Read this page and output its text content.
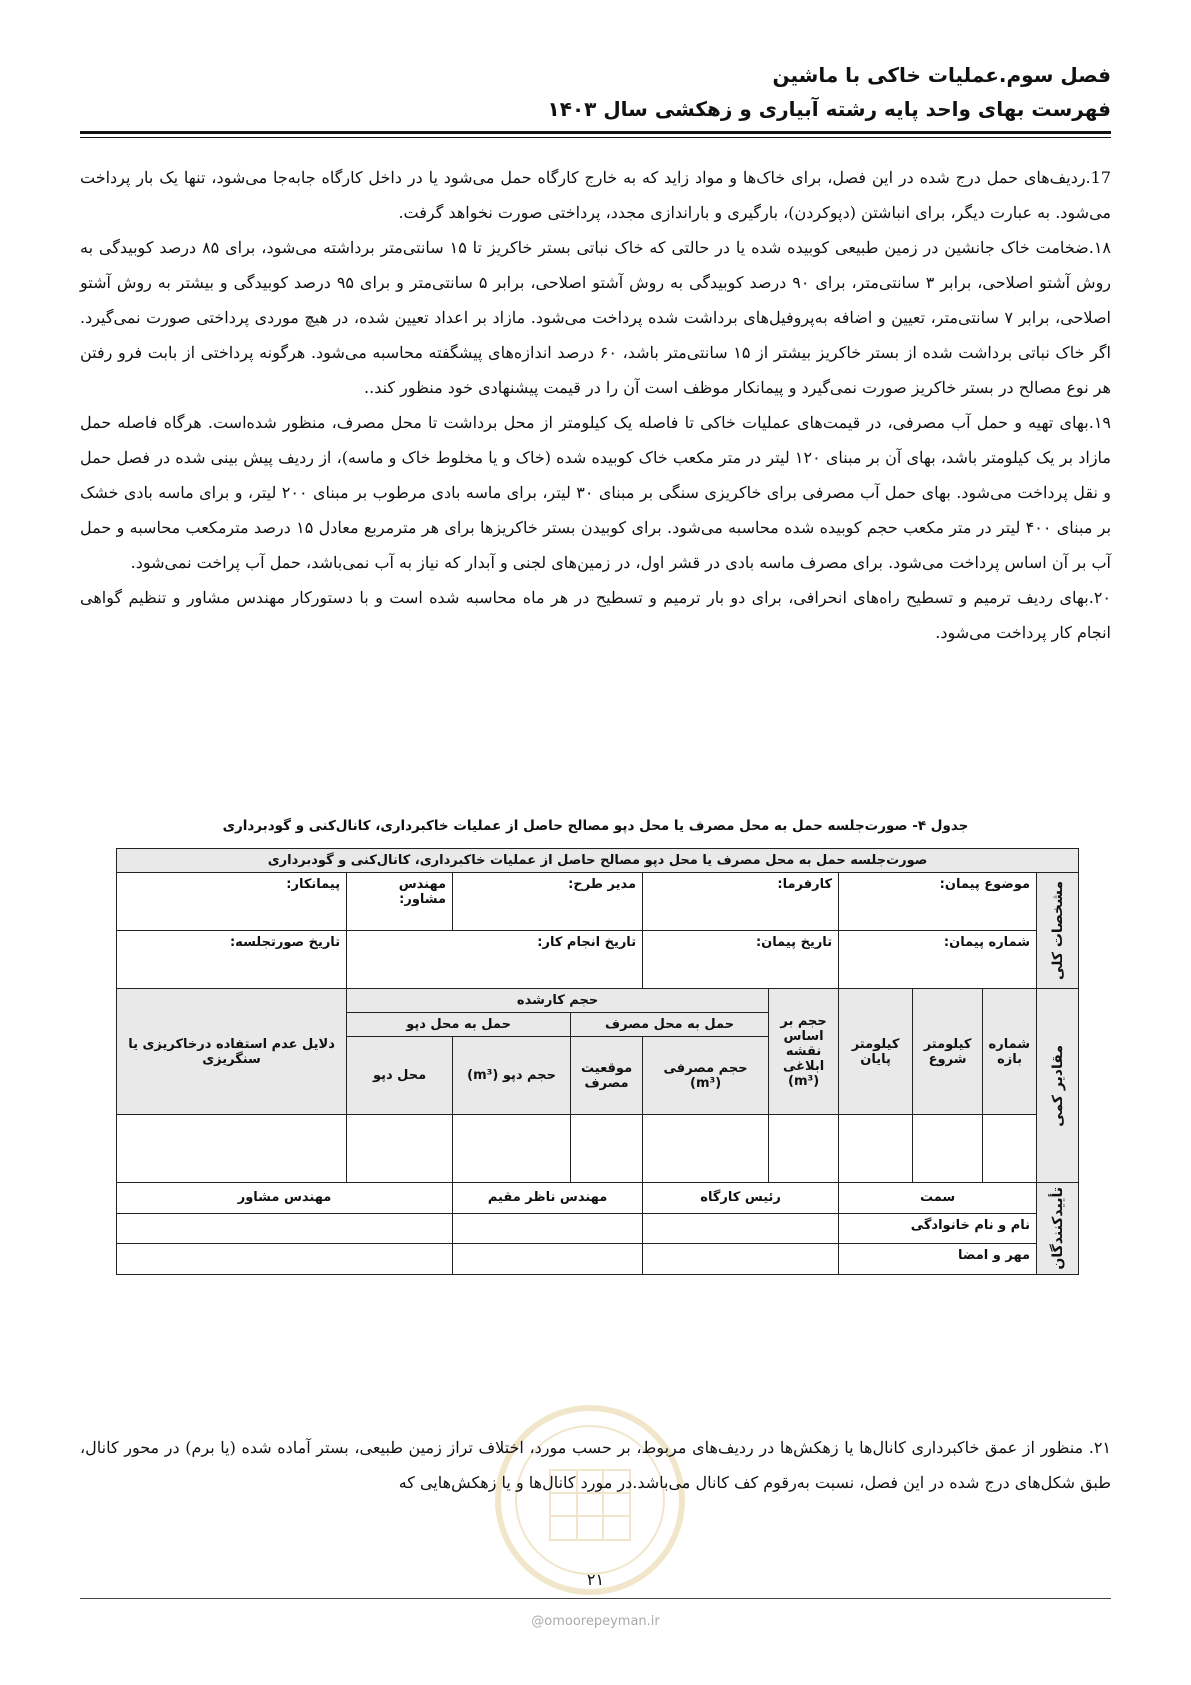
فصل سوم.عملیات خاکی با ماشین
فهرست بهای واحد پایه رشته آبیاری و زهکشی سال ۱۴۰۳

17.ردیف‌های حمل درج شده در این فصل، برای خاک‌ها و مواد زاید که به خارج کارگاه حمل می‌شود یا در داخل کارگاه جابه‌جا می‌شود، تنها یک بار پرداخت می‌شود. به عبارت دیگر، برای انباشتن (دپوکردن)، بارگیری و باراندازی مجدد، پرداختی صورت نخواهد گرفت.

۱۸.ضخامت خاک جانشین در زمین طبیعی کوبیده شده یا در حالتی که خاک نباتی بستر خاکریز تا ۱۵ سانتی‌متر برداشته می‌شود، برای ۸۵ درصد کوبیدگی به روش آشتو اصلاحی، برابر ۳ سانتی‌متر، برای ۹۰ درصد کوبیدگی به روش آشتو اصلاحی، برابر ۵ سانتی‌متر و برای ۹۵ درصد کوبیدگی و بیشتر به روش آشتو اصلاحی، برابر ۷ سانتی‌متر، تعیین و اضافه به‌پروفیل‌های برداشت شده پرداخت می‌شود. مازاد بر اعداد تعیین شده، در هیچ موردی پرداختی صورت نمی‌گیرد. اگر خاک نباتی برداشت شده از بستر خاکریز بیشتر از ۱۵ سانتی‌متر باشد، ۶۰ درصد اندازه‌های پیشگفته محاسبه می‌شود. هرگونه پرداختی از بابت فرو رفتن هر نوع مصالح در بستر خاکریز صورت نمی‌گیرد و پیمانکار موظف است آن را در قیمت پیشنهادی خود منظور کند..

۱۹.بهای تهیه و حمل آب مصرفی، در قیمت‌های عملیات خاکی تا فاصله یک کیلومتر از محل برداشت تا محل مصرف، منظور شده‌است. هرگاه فاصله حمل مازاد بر یک کیلومتر باشد، بهای آن بر مبنای ۱۲۰ لیتر در متر مکعب خاک کوبیده شده (خاک و یا مخلوط خاک و ماسه)، از ردیف پیش بینی شده در فصل حمل و نقل پرداخت می‌شود. بهای حمل آب مصرفی برای خاکریزی سنگی بر مبنای ۳۰ لیتر، برای ماسه بادی مرطوب بر مبنای ۲۰۰ لیتر، و برای ماسه بادی خشک بر مبنای ۴۰۰ لیتر در متر مکعب حجم کوبیده شده محاسبه می‌شود. برای کوبیدن بستر خاکریزها برای هر مترمربع معادل ۱۵ درصد مترمکعب محاسبه و حمل آب بر آن اساس پرداخت می‌شود. برای مصرف ماسه بادی در قشر اول، در زمین‌های لجنی و آبدار که نیاز به آب نمی‌باشد، حمل آب پراخت نمی‌شود.

۲۰.بهای ردیف ترمیم و تسطیح راه‌های انحرافی، برای دو بار ترمیم و تسطیح در هر ماه محاسبه شده است و با دستورکار مهندس مشاور و تنظیم گواهی انجام کار پرداخت می‌شود.

جدول ۴- صورت‌جلسه حمل به محل مصرف یا محل دپو مصالح حاصل از عملیات خاکبرداری، کانال‌کنی و گودبرداری
صورت‌جلسه حمل به محل مصرف یا محل دپو مصالح حاصل از عملیات خاکبرداری، کانال‌کنی و گودبرداری									

مشخصات کلی	موضوع پیمان:			کارفرما:		مدیر طرح:		مهندس مشاور:	پیمانکار:

	شماره پیمان:			تاریخ پیمان:		تاریخ انجام کار:			تاریخ صورتجلسه:

مقادیر کمی	شماره بازه	کیلومتر شروع	کیلومتر پایان	حجم بر اساس نقشه ابلاغی (m³)	حجم کارشده				دلایل عدم استفاده درخاکریزی یا سنگریزی
					حمل به محل مصرف		حمل به محل دپو		
					حجم مصرفی (m³)	موقعیت مصرف	حجم دپو (m³)	محل دپو	

تأییدکنندگان	سمت			رئیس کارگاه		مهندس ناظر مقیم		مهندس مشاور	

	نام و نام خانوادگی								

	مهر و امضا								

۲۱. منظور از عمق خاکبرداری کانال‌ها یا زهکش‌ها در ردیف‌های مربوط، بر حسب مورد، اختلاف تراز زمین طبیعی، بستر آماده شده (یا برم) در محور کانال، طبق شکل‌های درج شده در این فصل، نسبت به‌رقوم کف کانال می‌باشد.در مورد کانال‌ها و یا زهکش‌هایی که

۲۱
@omoorepeyman.ir
